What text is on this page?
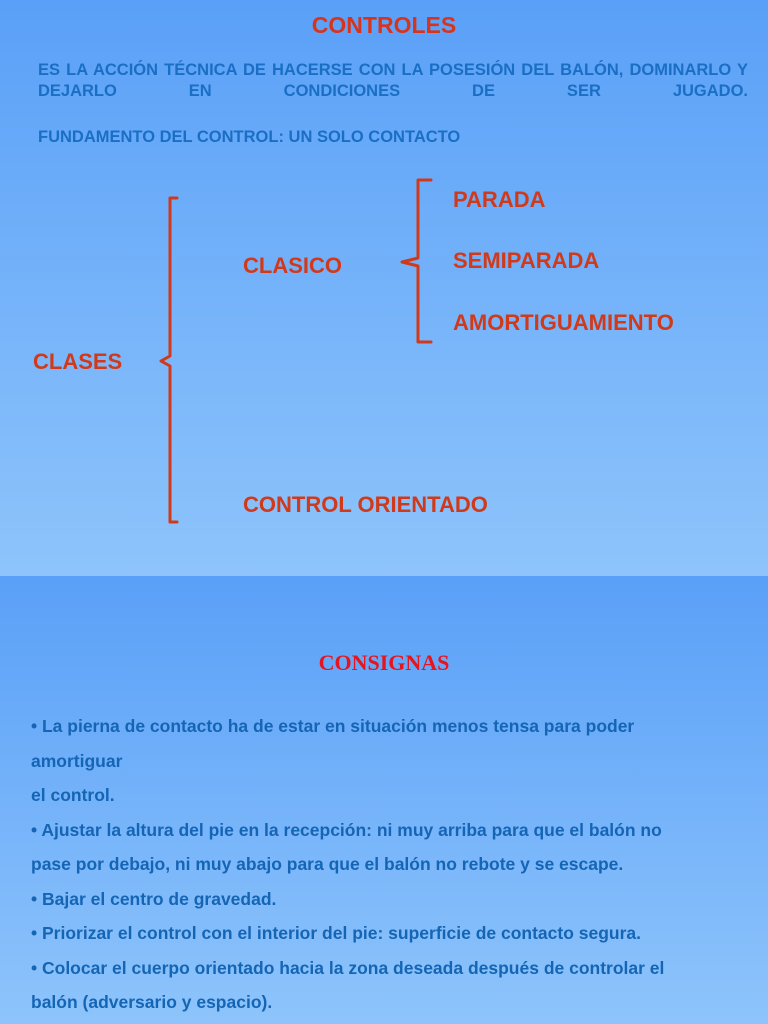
CONTROLES
ES LA ACCIÓN TÉCNICA DE HACERSE CON LA POSESIÓN DEL BALÓN, DOMINARLO Y DEJARLO EN CONDICIONES DE SER JUGADO.
FUNDAMENTO DEL CONTROL: UN SOLO CONTACTO
CLASES
CLASICO
CONTROL ORIENTADO
PARADA
SEMIPARADA
AMORTIGUAMIENTO
CONSIGNAS
• La pierna de contacto ha de estar en situación menos tensa para poder
amortiguar
el control.
• Ajustar la altura del pie en la recepción: ni muy arriba para que el balón no
pase por debajo, ni muy abajo para que el balón no rebote y se escape.
• Bajar el centro de gravedad.
• Priorizar el control con el interior del pie: superficie de contacto segura.
• Colocar el cuerpo orientado hacia la zona deseada después de controlar el
balón (adversario y espacio).
